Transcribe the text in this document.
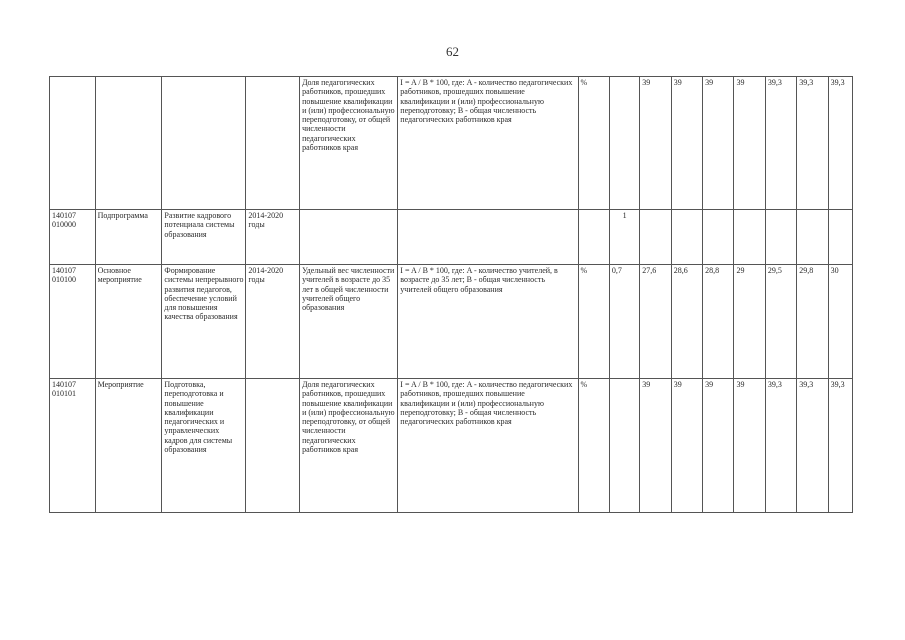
62
				Доля педагогических работников, прошедших повышение квалификации и (или) профессиональную переподготовку, от общей численности педагогических работников края	I = A / B * 100, где: A - количество педагогических работников, прошедших повышение квалификации и (или) профессиональную переподготовку; B - общая численность педагогических работников края	%		39	39	39	39	39,3	39,3	39,3
140107 010000	Подпрограмма	Развитие кадрового потенциала системы образования	2014-2020 годы				1							
140107 010100	Основное мероприятие	Формирование системы непрерывного развития педагогов, обеспечение условий для повышения качества образования	2014-2020 годы	Удельный вес численности учителей в возрасте до 35 лет в общей численности учителей общего образования	I = A / B * 100, где: A - количество учителей, в возрасте до 35 лет; B - общая численность учителей общего образования	%	0,7	27,6	28,6	28,8	29	29,5	29,8	30
140107 010101	Мероприятие	Подготовка, переподготовка и повышение квалификации педагогических и управленческих кадров для системы образования		Доля педагогических работников, прошедших повышение квалификации и (или) профессиональную переподготовку, от общей численности педагогических работников края	I = A / B * 100, где: A - количество педагогических работников, прошедших повышение квалификации и (или) профессиональную переподготовку; B - общая численность педагогических работников края	%		39	39	39	39	39,3	39,3	39,3
